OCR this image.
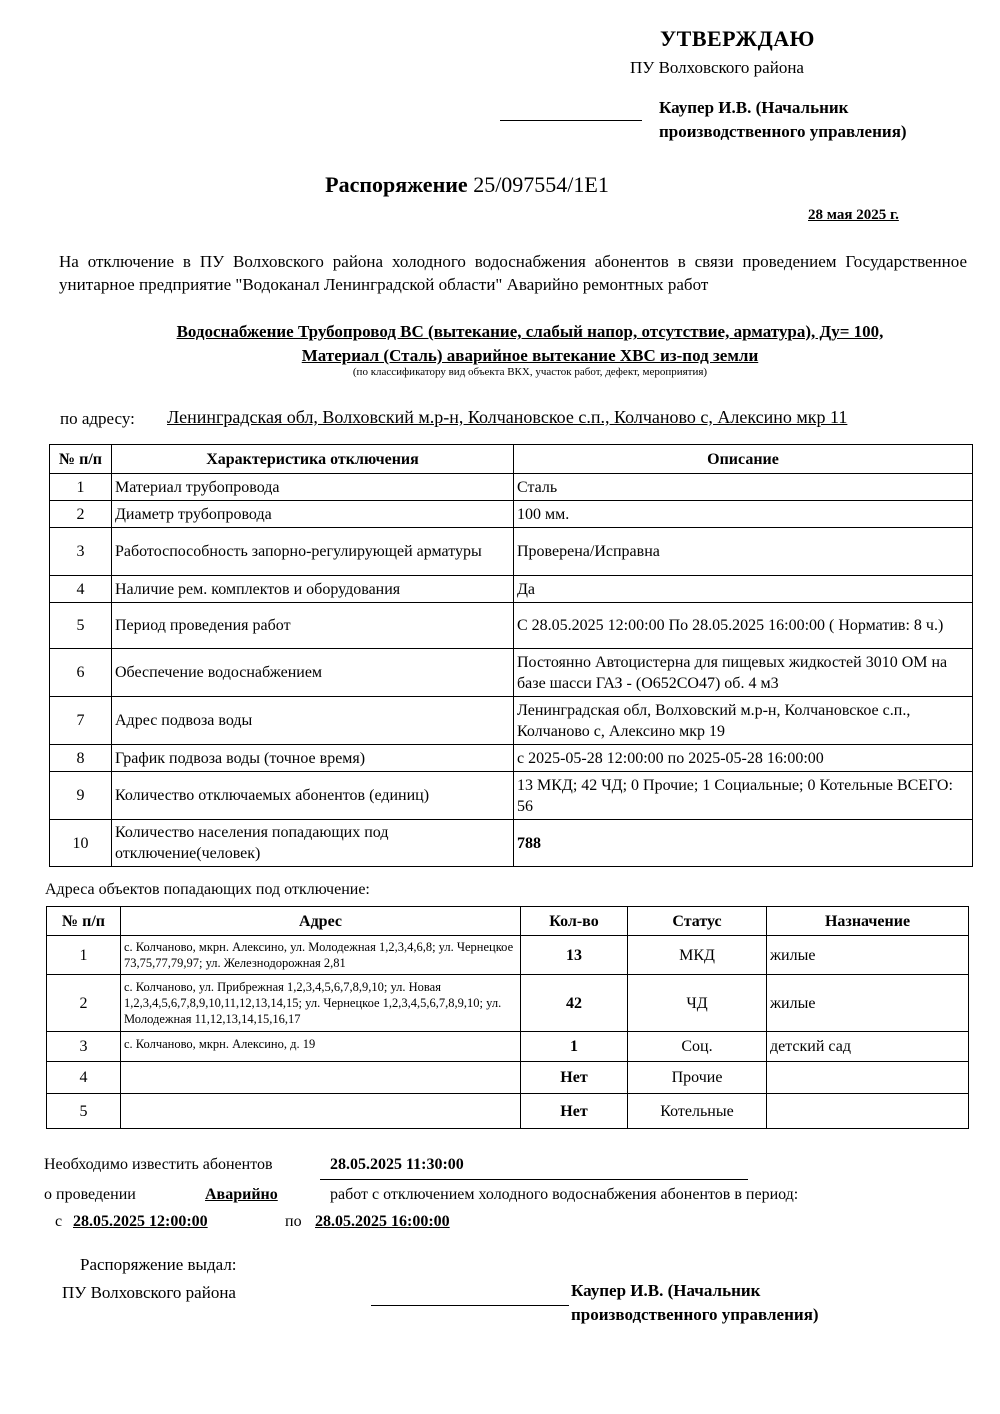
УТВЕРЖДАЮ
ПУ Волховского района
Каупер И.В. (Начальник
производственного управления)
Распоряжение 25/097554/1Е1
28 мая 2025 г.
На отключение в ПУ Волховского района холодного водоснабжения абонентов в связи проведением Государственное унитарное предприятие "Водоканал Ленинградской области" Аварийно ремонтных работ
Водоснабжение Трубопровод ВС (вытекание, слабый напор, отсутствие, арматура), Ду= 100,
Материал (Сталь) аварийное вытекание ХВС из-под земли
(по классификатору вид объекта ВКХ, участок работ, дефект, мероприятия)
по адресу: Ленинградская обл, Волховский м.р-н, Колчановское с.п., Колчаново с, Алексино мкр 11
№ п/п	Характеристика отключения	Описание
1	Материал трубопровода	Сталь
2	Диаметр трубопровода	100 мм.
3	Работоспособность запорно-регулирующей арматуры	Проверена/Исправна
4	Наличие рем. комплектов и оборудования	Да
5	Период проведения работ	С 28.05.2025 12:00:00 По 28.05.2025 16:00:00 ( Норматив: 8 ч.)
6	Обеспечение водоснабжением	Постоянно Автоцистерна для пищевых жидкостей 3010 ОМ на базе шасси ГАЗ - (О652СО47) об. 4 м3
7	Адрес подвоза воды	Ленинградская обл, Волховский м.р-н, Колчановское с.п., Колчаново с, Алексино мкр 19
8	График подвоза воды (точное время)	с 2025-05-28 12:00:00 по 2025-05-28 16:00:00
9	Количество отключаемых абонентов (единиц)	13 МКД; 42 ЧД; 0 Прочие; 1 Социальные; 0 Котельные ВСЕГО: 56
10	Количество населения попадающих под отключение(человек)	788
Адреса объектов попадающих под отключение:
№ п/п	Адрес	Кол-во	Статус	Назначение
1	с. Колчаново, мкрн. Алексино, ул. Молодежная 1,2,3,4,6,8; ул. Чернецкое 73,75,77,79,97; ул. Железнодорожная 2,81	13	МКД	жилые
2	с. Колчаново, ул. Прибрежная 1,2,3,4,5,6,7,8,9,10; ул. Новая 1,2,3,4,5,6,7,8,9,10,11,12,13,14,15; ул. Чернецкое 1,2,3,4,5,6,7,8,9,10; ул. Молодежная 11,12,13,14,15,16,17	42	ЧД	жилые
3	с. Колчаново, мкрн. Алексино, д. 19	1	Соц.	детский сад
4		Нет	Прочие	
5		Нет	Котельные	
Необходимо известить абонентов	28.05.2025 11:30:00
о проведении	Аварийно	работ с отключением холодного водоснабжения абонентов в период:
с 28.05.2025 12:00:00	по 28.05.2025 16:00:00
Распоряжение выдал:
ПУ Волховского района	Каупер И.В. (Начальник
производственного управления)
